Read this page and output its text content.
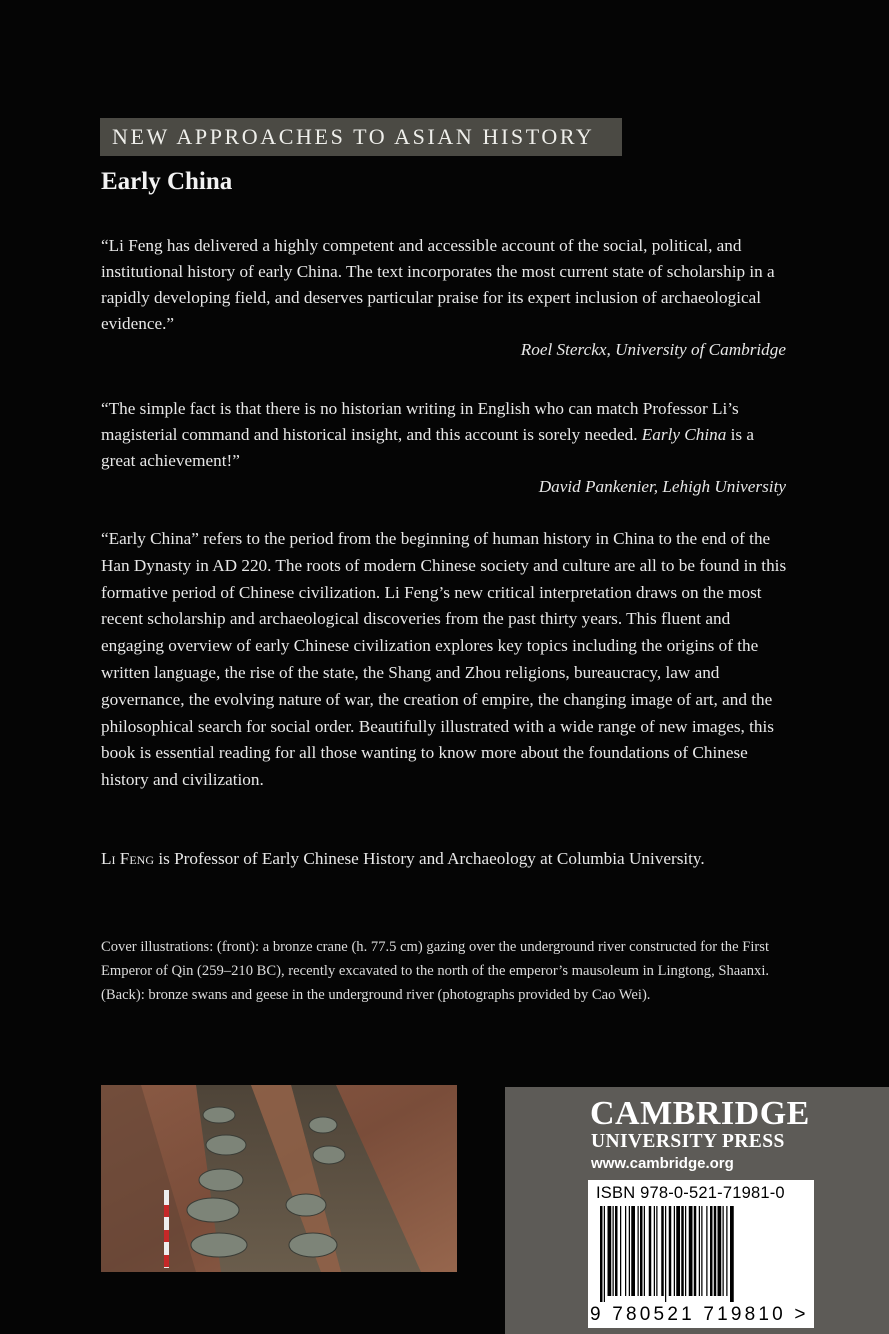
NEW APPROACHES TO ASIAN HISTORY
Early China

“Li Feng has delivered a highly competent and accessible account of the social, political, and institutional history of early China. The text incorporates the most current state of scholarship in a rapidly developing field, and deserves particular praise for its expert inclusion of archaeological evidence.”

Roel Sterckx, University of Cambridge

“The simple fact is that there is no historian writing in English who can match Professor Li’s magisterial command and historical insight, and this account is sorely needed. Early China is a great achievement!”

David Pankenier, Lehigh University

“Early China” refers to the period from the beginning of human history in China to the end of the Han Dynasty in AD 220. The roots of modern Chinese society and culture are all to be found in this formative period of Chinese civilization. Li Feng’s new critical interpretation draws on the most recent scholarship and archaeological discoveries from the past thirty years. This fluent and engaging overview of early Chinese civilization explores key topics including the origins of the written language, the rise of the state, the Shang and Zhou religions, bureaucracy, law and governance, the evolving nature of war, the creation of empire, the changing image of art, and the philosophical search for social order. Beautifully illustrated with a wide range of new images, this book is essential reading for all those wanting to know more about the foundations of Chinese history and civilization.

Li Feng is Professor of Early Chinese History and Archaeology at Columbia University.
Cover illustrations: (front): a bronze crane (h. 77.5 cm) gazing over the underground river constructed for the First Emperor of Qin (259–210 BC), recently excavated to the north of the emperor’s mausoleum in Lingtong, Shaanxi. (Back): bronze swans and geese in the underground river (photographs provided by Cao Wei).
CAMBRIDGE
UNIVERSITY PRESS
www.cambridge.org
ISBN 978-0-521-71981-0
9 780521 719810 >
